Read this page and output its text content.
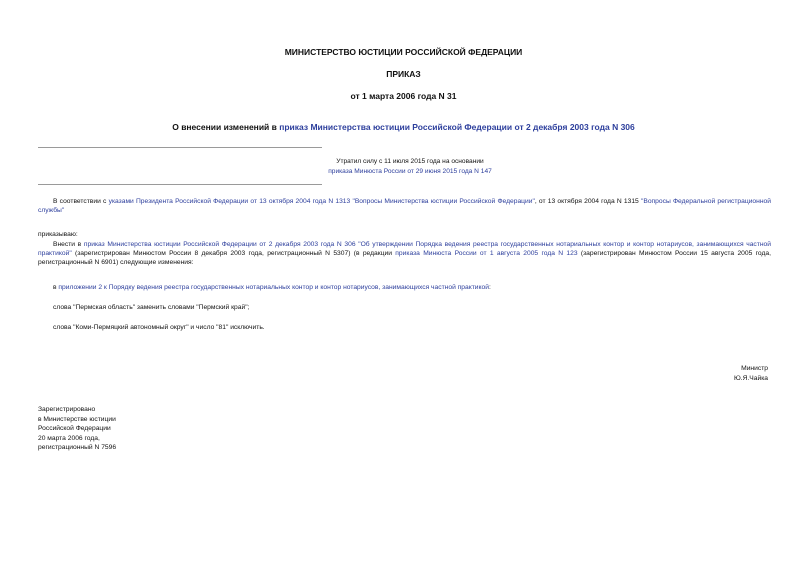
МИНИСТЕРСТВО ЮСТИЦИИ РОССИЙСКОЙ ФЕДЕРАЦИИ
ПРИКАЗ
от 1 марта 2006 года N 31
О внесении изменений в приказ Министерства юстиции Российской Федерации от 2 декабря 2003 года N 306
Утратил силу с 11 июля 2015 года на основании
приказа Минюста России от 29 июня 2015 года N 147
В соответствии с указами Президента Российской Федерации от 13 октября 2004 года N 1313 "Вопросы Министерства юстиции Российской Федерации", от 13 октября 2004 года N 1315 "Вопросы Федеральной регистрационной службы"
приказываю:
Внести в приказ Министерства юстиции Российской Федерации от 2 декабря 2003 года N 306 "Об утверждении Порядка ведения реестра государственных нотариальных контор и контор нотариусов, занимающихся частной практикой" (зарегистрирован Минюстом России 8 декабря 2003 года, регистрационный N 5307) (в редакции приказа Минюста России от 1 августа 2005 года N 123 (зарегистрирован Минюстом России 15 августа 2005 года, регистрационный N 6901) следующие изменения:
в приложении 2 к Порядку ведения реестра государственных нотариальных контор и контор нотариусов, занимающихся частной практикой:
слова "Пермская область" заменить словами "Пермский край";
слова "Коми-Пермяцкий автономный округ" и число "81" исключить.
Министр
Ю.Я.Чайка
Зарегистрировано
в Министерстве юстиции
Российской Федерации
20 марта 2006 года,
регистрационный N 7596
